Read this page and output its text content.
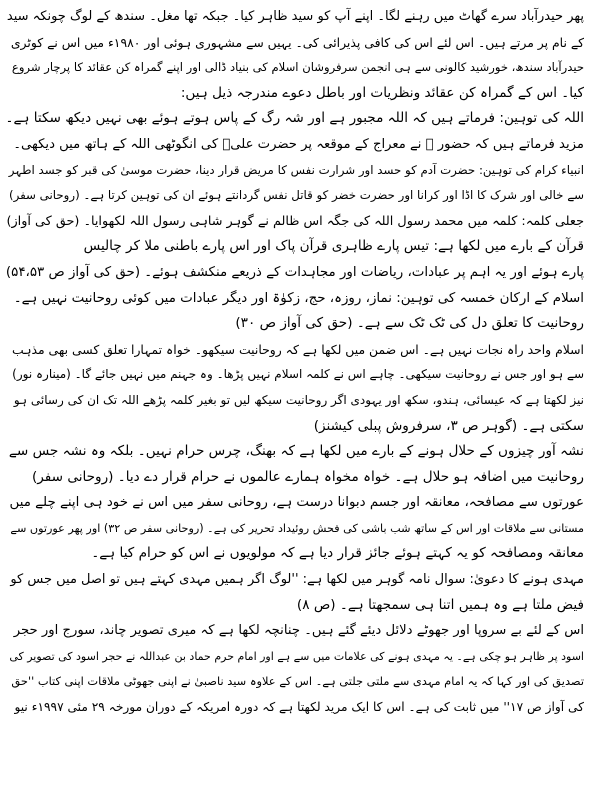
پھر حیدرآباد سرے گھاٹ میں رہنے لگا۔ اپنے آپ کو سید ظاہر کیا۔ جبکہ تھا مغل۔ سندھ کے لوگ چونکہ سید
کے نام پر مرتے ہیں۔ اس لئے اس کی کافی پذیرائی کی۔ یہیں سے مشہوری ہوئی اور ۱۹۸۰ء میں اس نے کوٹری
حیدرآباد سندھ، خورشید کالونی سے ہی انجمن سرفروشان اسلام کی بنیاد ڈالی اور اپنے گمراہ کن عقائد کا پرچار شروع
کیا۔ اس کے گمراہ کن عقائد ونظریات اور باطل دعوے مندرجہ ذیل ہیں:
اللہ کی توہین: فرماتے ہیں کہ اللہ مجبور ہے اور شہ رگ کے پاس ہوتے ہوئے بھی نہیں دیکھ سکتا ہے۔
مزید فرماتے ہیں کہ حضور ﷺ نے معراج کے موقعہ پر حضرت علیؓ کی انگوٹھی اللہ کے ہاتھ میں دیکھی۔
انبیاء کرام کی توہین: حضرت آدم کو حسد اور شرارت نفس کا مریض قرار دینا، حضرت موسیٰ کی قبر کو جسد اطہر
سے خالی اور شرک کا اڈا اور کرانا اور حضرت خضر کو قاتل نفس گردانتے ہوئے ان کی توہین کرتا ہے۔ (روحانی سفر)
جعلی کلمہ: کلمہ میں محمد رسول اللہ کی جگہ اس ظالم نے گوہر شاہی رسول اللہ لکھوایا۔ (حق کی آواز)
قرآن کے بارے میں لکھا ہے: تیس پارے ظاہری قرآن پاک اور اس پارے باطنی ملا کر چالیس
پارے ہوئے اور یہ اہم پر عبادات، ریاضات اور مجاہدات کے ذریعے منکشف ہوئے۔ (حق کی آواز ص ۵۴،۵۳)
اسلام کے ارکان خمسہ کی توہین: نماز، روزہ، حج، زکوٰۃ اور دیگر عبادات میں کوئی روحانیت نہیں ہے۔
روحانیت کا تعلق دل کی ٹک ٹک سے ہے۔ (حق کی آواز ص ۳۰)
اسلام واحد راہ نجات نہیں ہے۔ اس ضمن میں لکھا ہے کہ روحانیت سیکھو۔ خواہ تمہارا تعلق کسی بھی مذہب
سے ہو اور جس نے روحانیت سیکھی۔ چاہے اس نے کلمہ اسلام نہیں پڑھا۔ وہ جہنم میں نہیں جائے گا۔ (مینارہ نور)
نیز لکھتا ہے کہ عیسائی، ہندو، سکھ اور یہودی اگر روحانیت سیکھ لیں تو بغیر کلمہ پڑھے اللہ تک ان کی رسائی ہو
سکتی ہے۔ (گوہر ص ۳، سرفروش پبلی کیشنز)
نشہ آور چیزوں کے حلال ہونے کے بارے میں لکھا ہے کہ بھنگ، چرس حرام نہیں۔ بلکہ وہ نشہ جس سے
روحانیت میں اضافہ ہو حلال ہے۔ خواہ مخواہ ہمارے عالموں نے حرام قرار دے دیا۔ (روحانی سفر)
عورتوں سے مصافحہ، معانقہ اور جسم دبوانا درست ہے، روحانی سفر میں اس نے خود ہی اپنے چلے میں
مستانی سے ملاقات اور اس کے ساتھ شب باشی کی فحش روئیداد تحریر کی ہے۔ (روحانی سفر ص ۳۲) اور پھر عورتوں سے
معانقہ ومصافحہ کو یہ کہتے ہوئے جائز قرار دیا ہے کہ مولویوں نے اس کو حرام کیا ہے۔
مہدی ہونے کا دعویٰ: سوال نامہ گوہر میں لکھا ہے: ''لوگ اگر ہمیں مہدی کہتے ہیں تو اصل میں جس کو
فیض ملتا ہے وہ ہمیں اتنا ہی سمجھتا ہے۔ (ص ۸)
اس کے لئے بے سروپا اور جھوٹے دلائل دیئے گئے ہیں۔ چنانچہ لکھا ہے کہ میری تصویر چاند، سورج اور حجر
اسود پر ظاہر ہو چکی ہے۔ یہ مہدی ہونے کی علامات میں سے ہے اور امام حرم حماد بن عبداللہ نے حجر اسود کی تصویر کی
تصدیق کی اور کہا کہ یہ امام مہدی سے ملتی جلتی ہے۔ اس کے علاوہ سید ناصبیٰ نے اپنی جھوٹی ملاقات اپنی کتاب ''حق
کی آواز ص ۱۷'' میں ثابت کی ہے۔ اس کا ایک مرید لکھتا ہے کہ دورہ امریکہ کے دوران مورخہ ۲۹ مئی ۱۹۹۷ء نیو
